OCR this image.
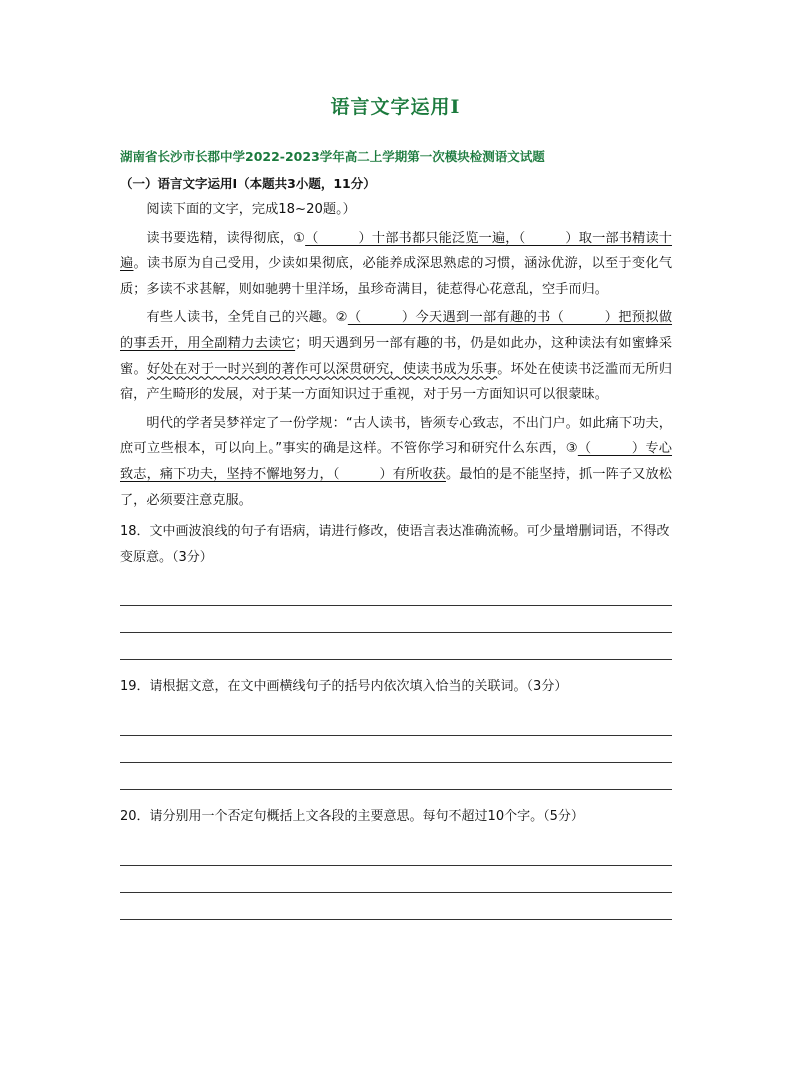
语言文字运用Ⅰ
湖南省长沙市长郡中学2022-2023学年高二上学期第一次模块检测语文试题
（一）语言文字运用Ⅰ（本题共3小题，11分）

阅读下面的文字，完成18~20题。）

读书要选精，读得彻底，①（　　　）十部书都只能泛览一遍，（　　　）取一部书精读十遍。读书原为自己受用，少读如果彻底，必能养成深思熟虑的习惯，涵泳优游，以至于变化气质；多读不求甚解，则如驰骋十里洋场，虽珍奇满目，徒惹得心花意乱，空手而归。

有些人读书，全凭自己的兴趣。②（　　　）今天遇到一部有趣的书（　　　）把预拟做的事丢开，用全副精力去读它；明天遇到另一部有趣的书，仍是如此办，这种读法有如蜜蜂采蜜。好处在对于一时兴到的著作可以深贯研究，使读书成为乐事。坏处在使读书泛滥而无所归宿，产生畸形的发展，对于某一方面知识过于重视，对于另一方面知识可以很蒙昧。

明代的学者吴梦祥定了一份学规：“古人读书，皆须专心致志，不出门户。如此痛下功夫，庶可立些根本，可以向上。”事实的确是这样。不管你学习和研究什么东西，③（　　　）专心致志，痛下功夫，坚持不懈地努力，（　　　）有所收获。最怕的是不能坚持，抓一阵子又放松了，必须要注意克服。

18．文中画波浪线的句子有语病，请进行修改，使语言表达准确流畅。可少量增删词语，不得改变原意。（3分）

19．请根据文意，在文中画横线句子的括号内依次填入恰当的关联词。（3分）

20．请分别用一个否定句概括上文各段的主要意思。每句不超过10个字。（5分）
